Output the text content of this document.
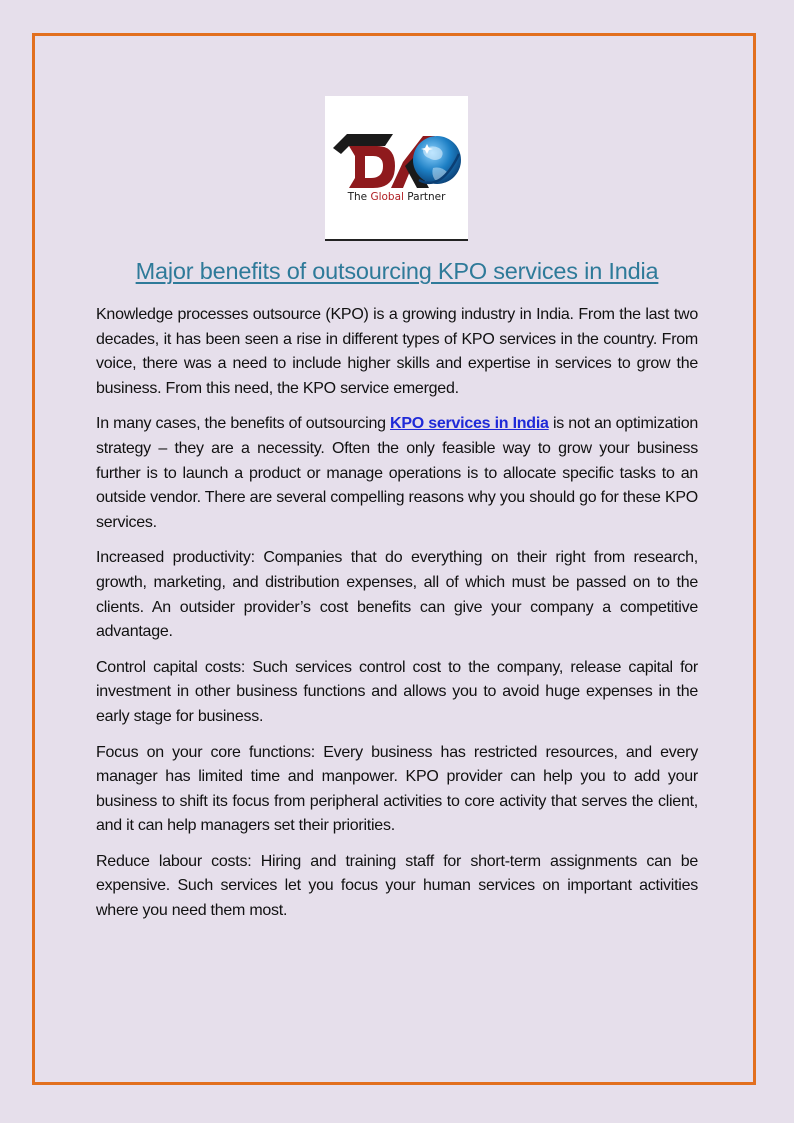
The Global Partner
Major benefits of outsourcing KPO services in India

Knowledge processes outsource (KPO) is a growing industry in India. From the last two decades, it has been seen a rise in different types of KPO services in the country. From voice, there was a need to include higher skills and expertise in services to grow the business. From this need, the KPO service emerged.

In many cases, the benefits of outsourcing KPO services in India is not an optimization strategy – they are a necessity. Often the only feasible way to grow your business further is to launch a product or manage operations is to allocate specific tasks to an outside vendor. There are several compelling reasons why you should go for these KPO services.

Increased productivity: Companies that do everything on their right from research, growth, marketing, and distribution expenses, all of which must be passed on to the clients. An outsider provider’s cost benefits can give your company a competitive advantage.

Control capital costs: Such services control cost to the company, release capital for investment in other business functions and allows you to avoid huge expenses in the early stage for business.

Focus on your core functions: Every business has restricted resources, and every manager has limited time and manpower. KPO provider can help you to add your business to shift its focus from peripheral activities to core activity that serves the client, and it can help managers set their priorities.

Reduce labour costs: Hiring and training staff for short-term assignments can be expensive. Such services let you focus your human services on important activities where you need them most.
